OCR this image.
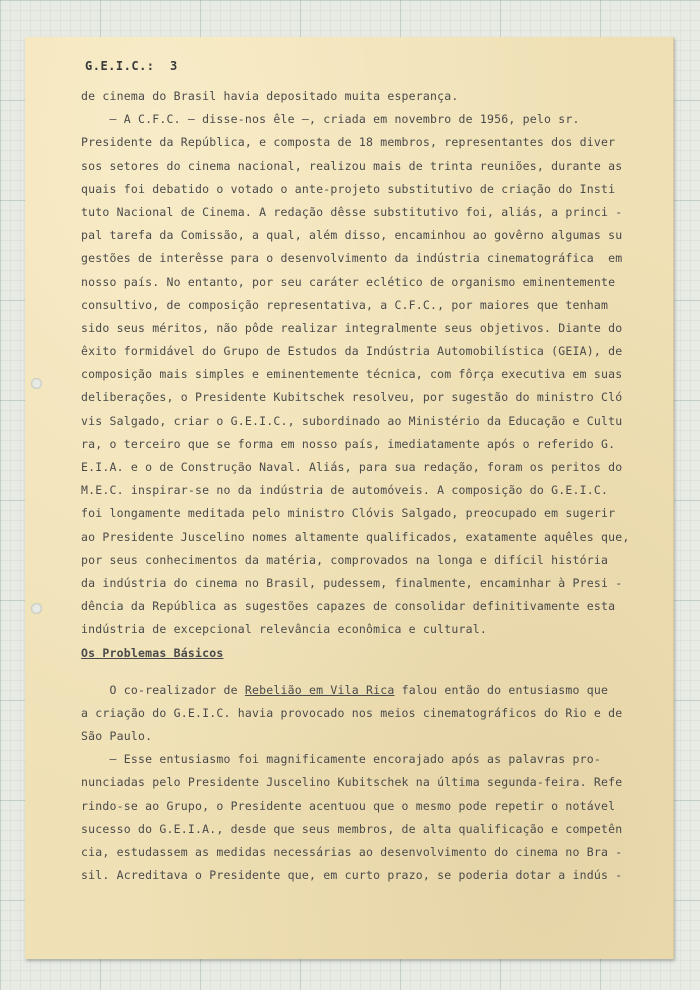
G.E.I.C.:  3
de cinema do Brasil havia depositado muita esperança.
— A C.F.C. — disse-nos êle —, criada em novembro de 1956, pelo sr.
Presidente da República, e composta de 18 membros, representantes dos diver
sos setores do cinema nacional, realizou mais de trinta reuniões, durante as
quais foi debatido o votado o ante-projeto substitutivo de criação do Insti
tuto Nacional de Cinema. A redação dêsse substitutivo foi, aliás, a princi -
pal tarefa da Comissão, a qual, além disso, encaminhou ao govêrno algumas su
gestões de interêsse para o desenvolvimento da indústria cinematográfica  em
nosso país. No entanto, por seu caráter eclético de organismo eminentemente
consultivo, de composição representativa, a C.F.C., por maiores que tenham
sido seus méritos, não pôde realizar integralmente seus objetivos. Diante do
êxito formidável do Grupo de Estudos da Indústria Automobilística (GEIA), de
composição mais simples e eminentemente técnica, com fôrça executiva em suas
deliberações, o Presidente Kubitschek resolveu, por sugestão do ministro Cló
vis Salgado, criar o G.E.I.C., subordinado ao Ministério da Educação e Cultu
ra, o terceiro que se forma em nosso país, imediatamente após o referido G.
E.I.A. e o de Construção Naval. Aliás, para sua redação, foram os peritos do
M.E.C. inspirar-se no da indústria de automóveis. A composição do G.E.I.C.
foi longamente meditada pelo ministro Clóvis Salgado, preocupado em sugerir
ao Presidente Juscelino nomes altamente qualificados, exatamente aquêles que,
por seus conhecimentos da matéria, comprovados na longa e difícil história
da indústria do cinema no Brasil, pudessem, finalmente, encaminhar à Presi -
dência da República as sugestões capazes de consolidar definitivamente esta
indústria de excepcional relevância econômica e cultural.
Os Problemas Básicos
O co-realizador de Rebelião em Vila Rica falou então do entusiasmo que
a criação do G.E.I.C. havia provocado nos meios cinematográficos do Rio e de
São Paulo.
— Esse entusiasmo foi magnificamente encorajado após as palavras pro-
nunciadas pelo Presidente Juscelino Kubitschek na última segunda-feira. Refe
rindo-se ao Grupo, o Presidente acentuou que o mesmo pode repetir o notável
sucesso do G.E.I.A., desde que seus membros, de alta qualificação e competên
cia, estudassem as medidas necessárias ao desenvolvimento do cinema no Bra -
sil. Acreditava o Presidente que, em curto prazo, se poderia dotar a indús -
